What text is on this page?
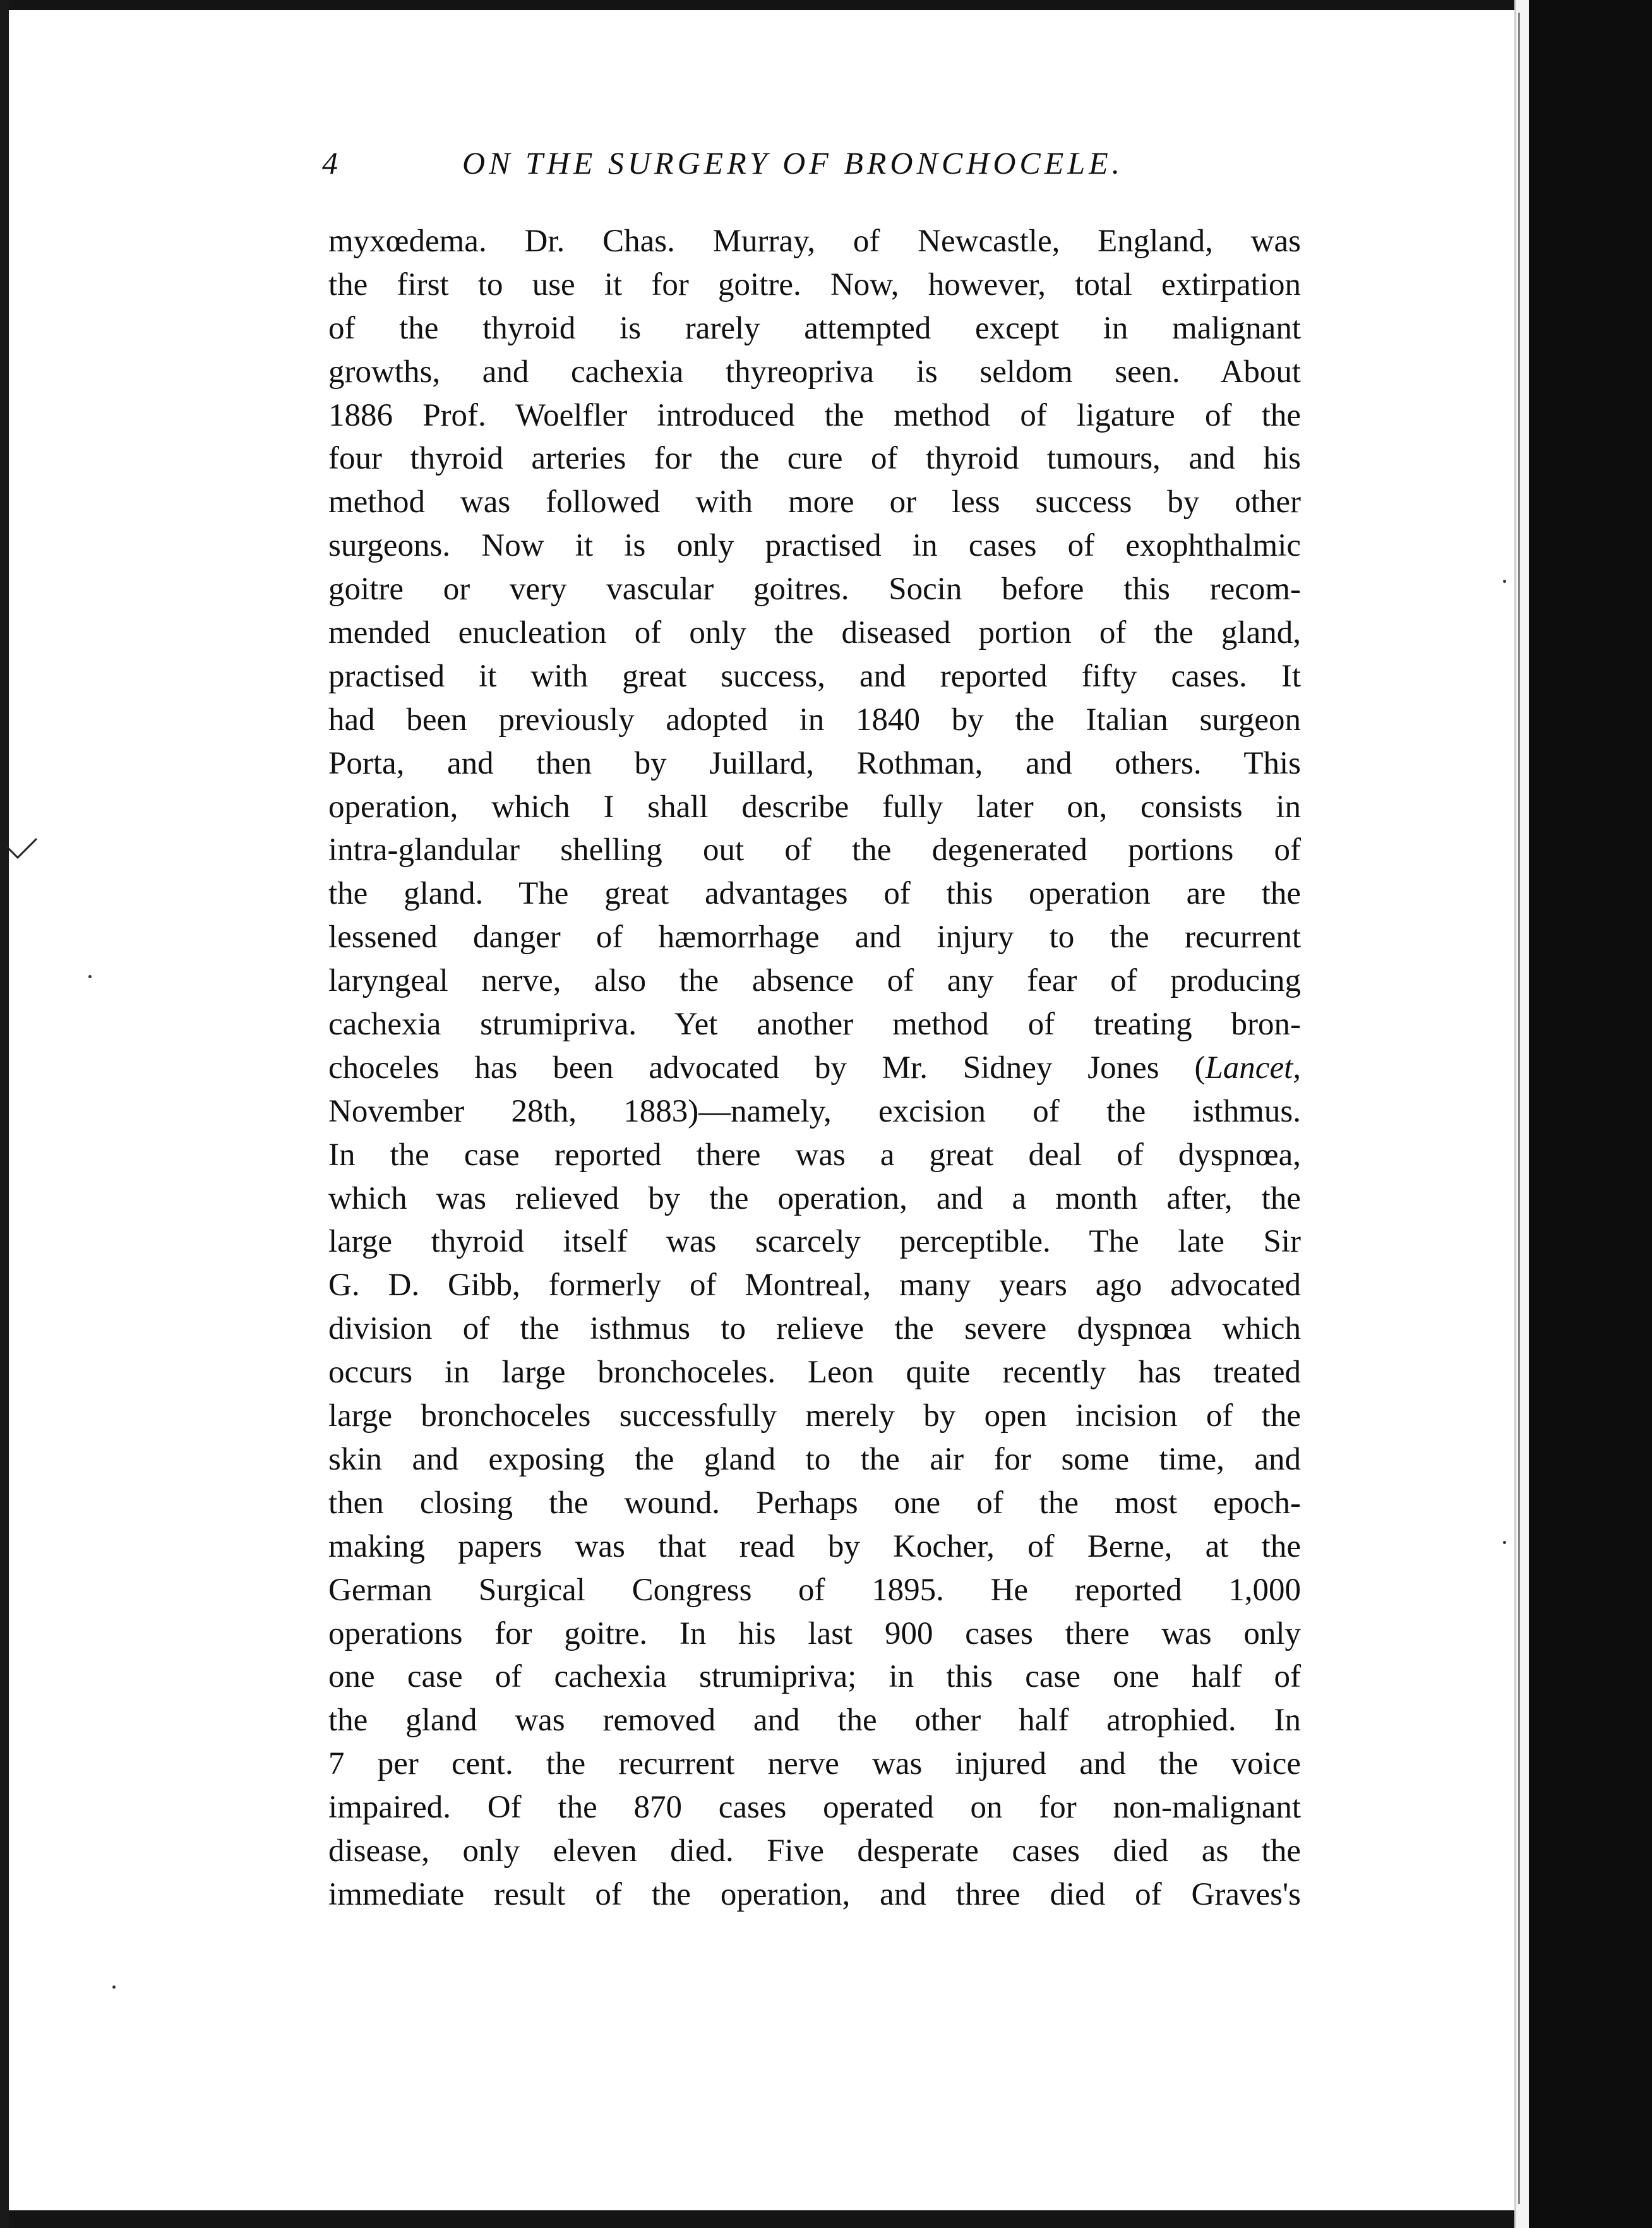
4	ON THE SURGERY OF BRONCHOCELE.
myxœdema. Dr. Chas. Murray, of Newcastle, England, was
the first to use it for goitre. Now, however, total extirpation
of the thyroid is rarely attempted except in malignant
growths, and cachexia thyreopriva is seldom seen. About
1886 Prof. Woelfler introduced the method of ligature of the
four thyroid arteries for the cure of thyroid tumours, and his
method was followed with more or less success by other
surgeons. Now it is only practised in cases of exophthalmic
goitre or very vascular goitres. Socin before this recom-
mended enucleation of only the diseased portion of the gland,
practised it with great success, and reported fifty cases. It
had been previously adopted in 1840 by the Italian surgeon
Porta, and then by Juillard, Rothman, and others. This
operation, which I shall describe fully later on, consists in
intra-glandular shelling out of the degenerated portions of
the gland. The great advantages of this operation are the
lessened danger of hæmorrhage and injury to the recurrent
laryngeal nerve, also the absence of any fear of producing
cachexia strumipriva. Yet another method of treating bron-
choceles has been advocated by Mr. Sidney Jones (Lancet,
November 28th, 1883)—namely, excision of the isthmus.
In the case reported there was a great deal of dyspnœa,
which was relieved by the operation, and a month after, the
large thyroid itself was scarcely perceptible. The late Sir
G. D. Gibb, formerly of Montreal, many years ago advocated
division of the isthmus to relieve the severe dyspnœa which
occurs in large bronchoceles. Leon quite recently has treated
large bronchoceles successfully merely by open incision of the
skin and exposing the gland to the air for some time, and
then closing the wound. Perhaps one of the most epoch-
making papers was that read by Kocher, of Berne, at the
German Surgical Congress of 1895. He reported 1,000
operations for goitre. In his last 900 cases there was only
one case of cachexia strumipriva; in this case one half of
the gland was removed and the other half atrophied. In
7 per cent. the recurrent nerve was injured and the voice
impaired. Of the 870 cases operated on for non-malignant
disease, only eleven died. Five desperate cases died as the
immediate result of the operation, and three died of Graves's
